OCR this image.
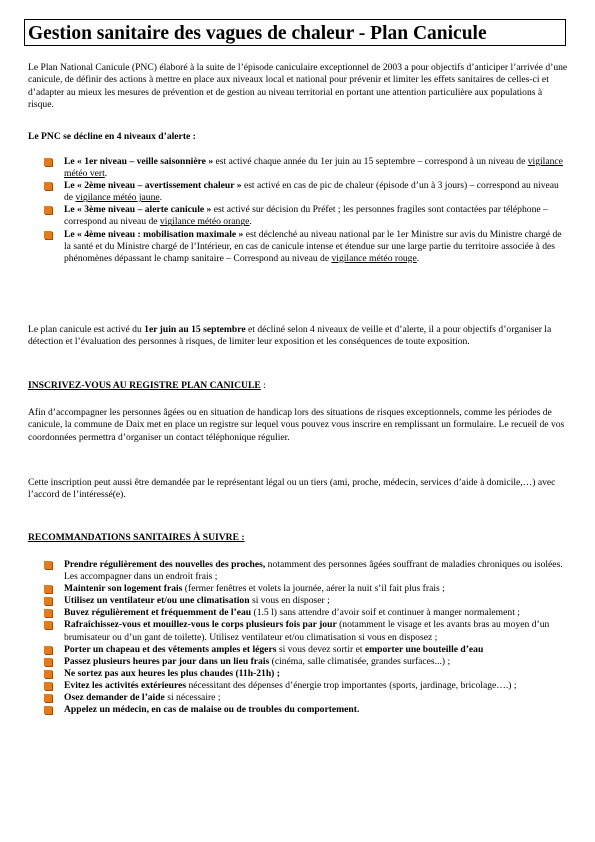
Gestion sanitaire des vagues de chaleur - Plan Canicule

Le Plan National Canicule (PNC) élaboré à la suite de l’épisode caniculaire exceptionnel de 2003 a pour objectifs d’anticiper l’arrivée d’une canicule, de définir des actions à mettre en place aux niveaux local et national pour prévenir et limiter les effets sanitaires de celles-ci et d’adapter au mieux les mesures de prévention et de gestion au niveau territorial en portant une attention particulière aux populations à risque.

Le PNC se décline en 4 niveaux d’alerte :

Le « 1er niveau – veille saisonnière » est activé chaque année du 1er juin au 15 septembre – correspond à un niveau de vigilance météo vert.
Le « 2ème niveau – avertissement chaleur » est activé en cas de pic de chaleur (épisode d’un à 3 jours) – correspond au niveau de vigilance météo jaune.
Le « 3ème niveau – alerte canicule » est activé sur décision du Préfet ; les personnes fragiles sont contactées par téléphone – correspond au niveau de vigilance météo orange.
Le « 4ème niveau : mobilisation maximale » est déclenché au niveau national par le 1er Ministre sur avis du Ministre chargé de la santé et du Ministre chargé de l’Intérieur, en cas de canicule intense et étendue sur une large partie du territoire associée à des phénomènes dépassant le champ sanitaire – Correspond au niveau de vigilance météo rouge.

Le plan canicule est activé du 1er juin au 15 septembre et décliné selon 4 niveaux de veille et d’alerte, il a pour objectifs d’organiser la détection et l’évaluation des personnes à risques, de limiter leur exposition et les conséquences de toute exposition.

INSCRIVEZ-VOUS AU REGISTRE PLAN CANICULE :

Afin d’accompagner les personnes âgées ou en situation de handicap lors des situations de risques exceptionnels, comme les périodes de canicule, la commune de Daix met en place un registre sur lequel vous pouvez vous inscrire en remplissant un formulaire. Le recueil de vos coordonnées permettra d’organiser un contact téléphonique régulier.

Cette inscription peut aussi être demandée par le représentant légal ou un tiers (ami, proche, médecin, services d’aide à domicile,…) avec l’accord de l’intéressé(e).

RECOMMANDATIONS SANITAIRES À SUIVRE :

Prendre régulièrement des nouvelles des proches, notamment des personnes âgées souffrant de maladies chroniques ou isolées. Les accompagner dans un endroit frais ;
Maintenir son logement frais (fermer fenêtres et volets la journée, aérer la nuit s’il fait plus frais ;
Utilisez un ventilateur et/ou une climatisation si vous en disposer ;
Buvez régulièrement et fréquemment de l’eau (1.5 l) sans attendre d’avoir soif et continuer à manger normalement ;
Rafraîchissez-vous et mouillez-vous le corps plusieurs fois par jour (notamment le visage et les avants bras au moyen d’un brumisateur ou d’un gant de toilette). Utilisez ventilateur et/ou climatisation si vous en disposez ;
Porter un chapeau et des vêtements amples et légers si vous devez sortir et emporter une bouteille d’eau
Passez plusieurs heures par jour dans un lieu frais (cinéma, salle climatisée, grandes surfaces...) ;
Ne sortez pas aux heures les plus chaudes (11h-21h) ;
Evitez les activités extérieures nécessitant des dépenses d’énergie trop importantes (sports, jardinage, bricolage….) ;
Osez demander de l’aide si nécessaire ;
Appelez un médecin, en cas de malaise ou de troubles du comportement.
